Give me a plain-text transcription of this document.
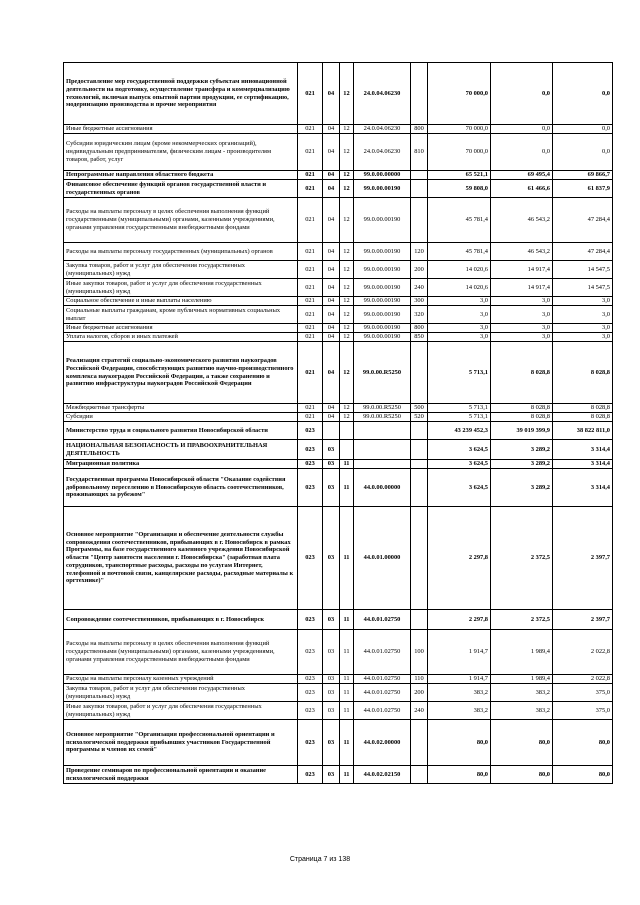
Предоставление мер государственной поддержки субъектам инновационной деятельности на подготовку, осуществление трансфера и коммерциализацию технологий, включая выпуск опытной партии продукции, ее сертификацию, модернизацию производства и прочие мероприятия	021	04	12	24.0.04.06230		70 000,0	0,0	0,0
Иные бюджетные ассигнования	021	04	12	24.0.04.06230	800	70 000,0	0,0	0,0
Субсидии юридическим лицам (кроме некоммерческих организаций), индивидуальным предпринимателям, физическим лицам - производителям товаров, работ, услуг	021	04	12	24.0.04.06230	810	70 000,0	0,0	0,0
Непрограммные направления областного бюджета	021	04	12	99.0.00.00000		65 521,1	69 495,4	69 866,7
Финансовое обеспечение функций органов государственной власти и государственных органов	021	04	12	99.0.00.00190		59 808,0	61 466,6	61 837,9
Расходы на выплаты персоналу в целях обеспечения выполнения функций государственными (муниципальными) органами, казенными учреждениями, органами управления государственными внебюджетными фондами	021	04	12	99.0.00.00190		45 781,4	46 543,2	47 284,4
Расходы на выплаты персоналу государственных (муниципальных) органов	021	04	12	99.0.00.00190	120	45 781,4	46 543,2	47 284,4
Закупка товаров, работ и услуг для обеспечения государственных (муниципальных) нужд	021	04	12	99.0.00.00190	200	14 020,6	14 917,4	14 547,5
Иные закупки товаров, работ и услуг для обеспечения государственных (муниципальных) нужд	021	04	12	99.0.00.00190	240	14 020,6	14 917,4	14 547,5
Социальное обеспечение и иные выплаты населению	021	04	12	99.0.00.00190	300	3,0	3,0	3,0
Социальные выплаты гражданам, кроме публичных нормативных социальных выплат	021	04	12	99.0.00.00190	320	3,0	3,0	3,0
Иные бюджетные ассигнования	021	04	12	99.0.00.00190	800	3,0	3,0	3,0
Уплата налогов, сборов и иных платежей	021	04	12	99.0.00.00190	850	3,0	3,0	3,0
Реализация стратегий социально-экономического развития наукоградов Российской Федерации, способствующих развитию научно-производственного комплекса наукоградов Российской Федерации, а также сохранению и развитию инфраструктуры наукоградов Российской Федерации	021	04	12	99.0.00.R5250		5 713,1	8 028,8	8 028,8
Межбюджетные трансферты	021	04	12	99.0.00.R5250	500	5 713,1	8 028,8	8 028,8
Субсидии	021	04	12	99.0.00.R5250	520	5 713,1	8 028,8	8 028,8
Министерство труда и социального развития Новосибирской области	023					43 239 452,3	39 019 399,9	38 822 811,0
НАЦИОНАЛЬНАЯ БЕЗОПАСНОСТЬ И ПРАВООХРАНИТЕЛЬНАЯ ДЕЯТЕЛЬНОСТЬ	023	03				3 624,5	3 289,2	3 314,4
Миграционная политика	023	03	11			3 624,5	3 289,2	3 314,4
Государственная программа Новосибирской области "Оказание содействия добровольному переселению в Новосибирскую область соотечественников, проживающих за рубежом"	023	03	11	44.0.00.00000		3 624,5	3 289,2	3 314,4
Основное мероприятие "Организация и обеспечение деятельности службы сопровождения соотечественников, прибывающих в г. Новосибирск в рамках Программы, на базе государственного казенного учреждения Новосибирской области "Центр занятости населения г. Новосибирска" (заработная плата сотрудников, транспортные расходы, расходы по услугам Интернет, телефонной и почтовой связи, канцелярские расходы, расходные материалы к оргтехнике)"	023	03	11	44.0.01.00000		2 297,8	2 372,5	2 397,7
Сопровождение соотечественников, прибывающих в г. Новосибирск	023	03	11	44.0.01.02750		2 297,8	2 372,5	2 397,7
Расходы на выплаты персоналу в целях обеспечения выполнения функций государственными (муниципальными) органами, казенными учреждениями, органами управления государственными внебюджетными фондами	023	03	11	44.0.01.02750	100	1 914,7	1 989,4	2 022,8
Расходы на выплаты персоналу казенных учреждений	023	03	11	44.0.01.02750	110	1 914,7	1 989,4	2 022,8
Закупка товаров, работ и услуг для обеспечения государственных (муниципальных) нужд	023	03	11	44.0.01.02750	200	383,2	383,2	375,0
Иные закупки товаров, работ и услуг для обеспечения государственных (муниципальных) нужд	023	03	11	44.0.01.02750	240	383,2	383,2	375,0
Основное мероприятие "Организация профессиональной ориентации и психологической поддержки прибывших участников Государственной программы и членов их семей"	023	03	11	44.0.02.00000		80,0	80,0	80,0
Проведение семинаров по профессиональной ориентации и оказание психологической поддержки	023	03	11	44.0.02.02150		80,0	80,0	80,0
Страница 7 из 138
